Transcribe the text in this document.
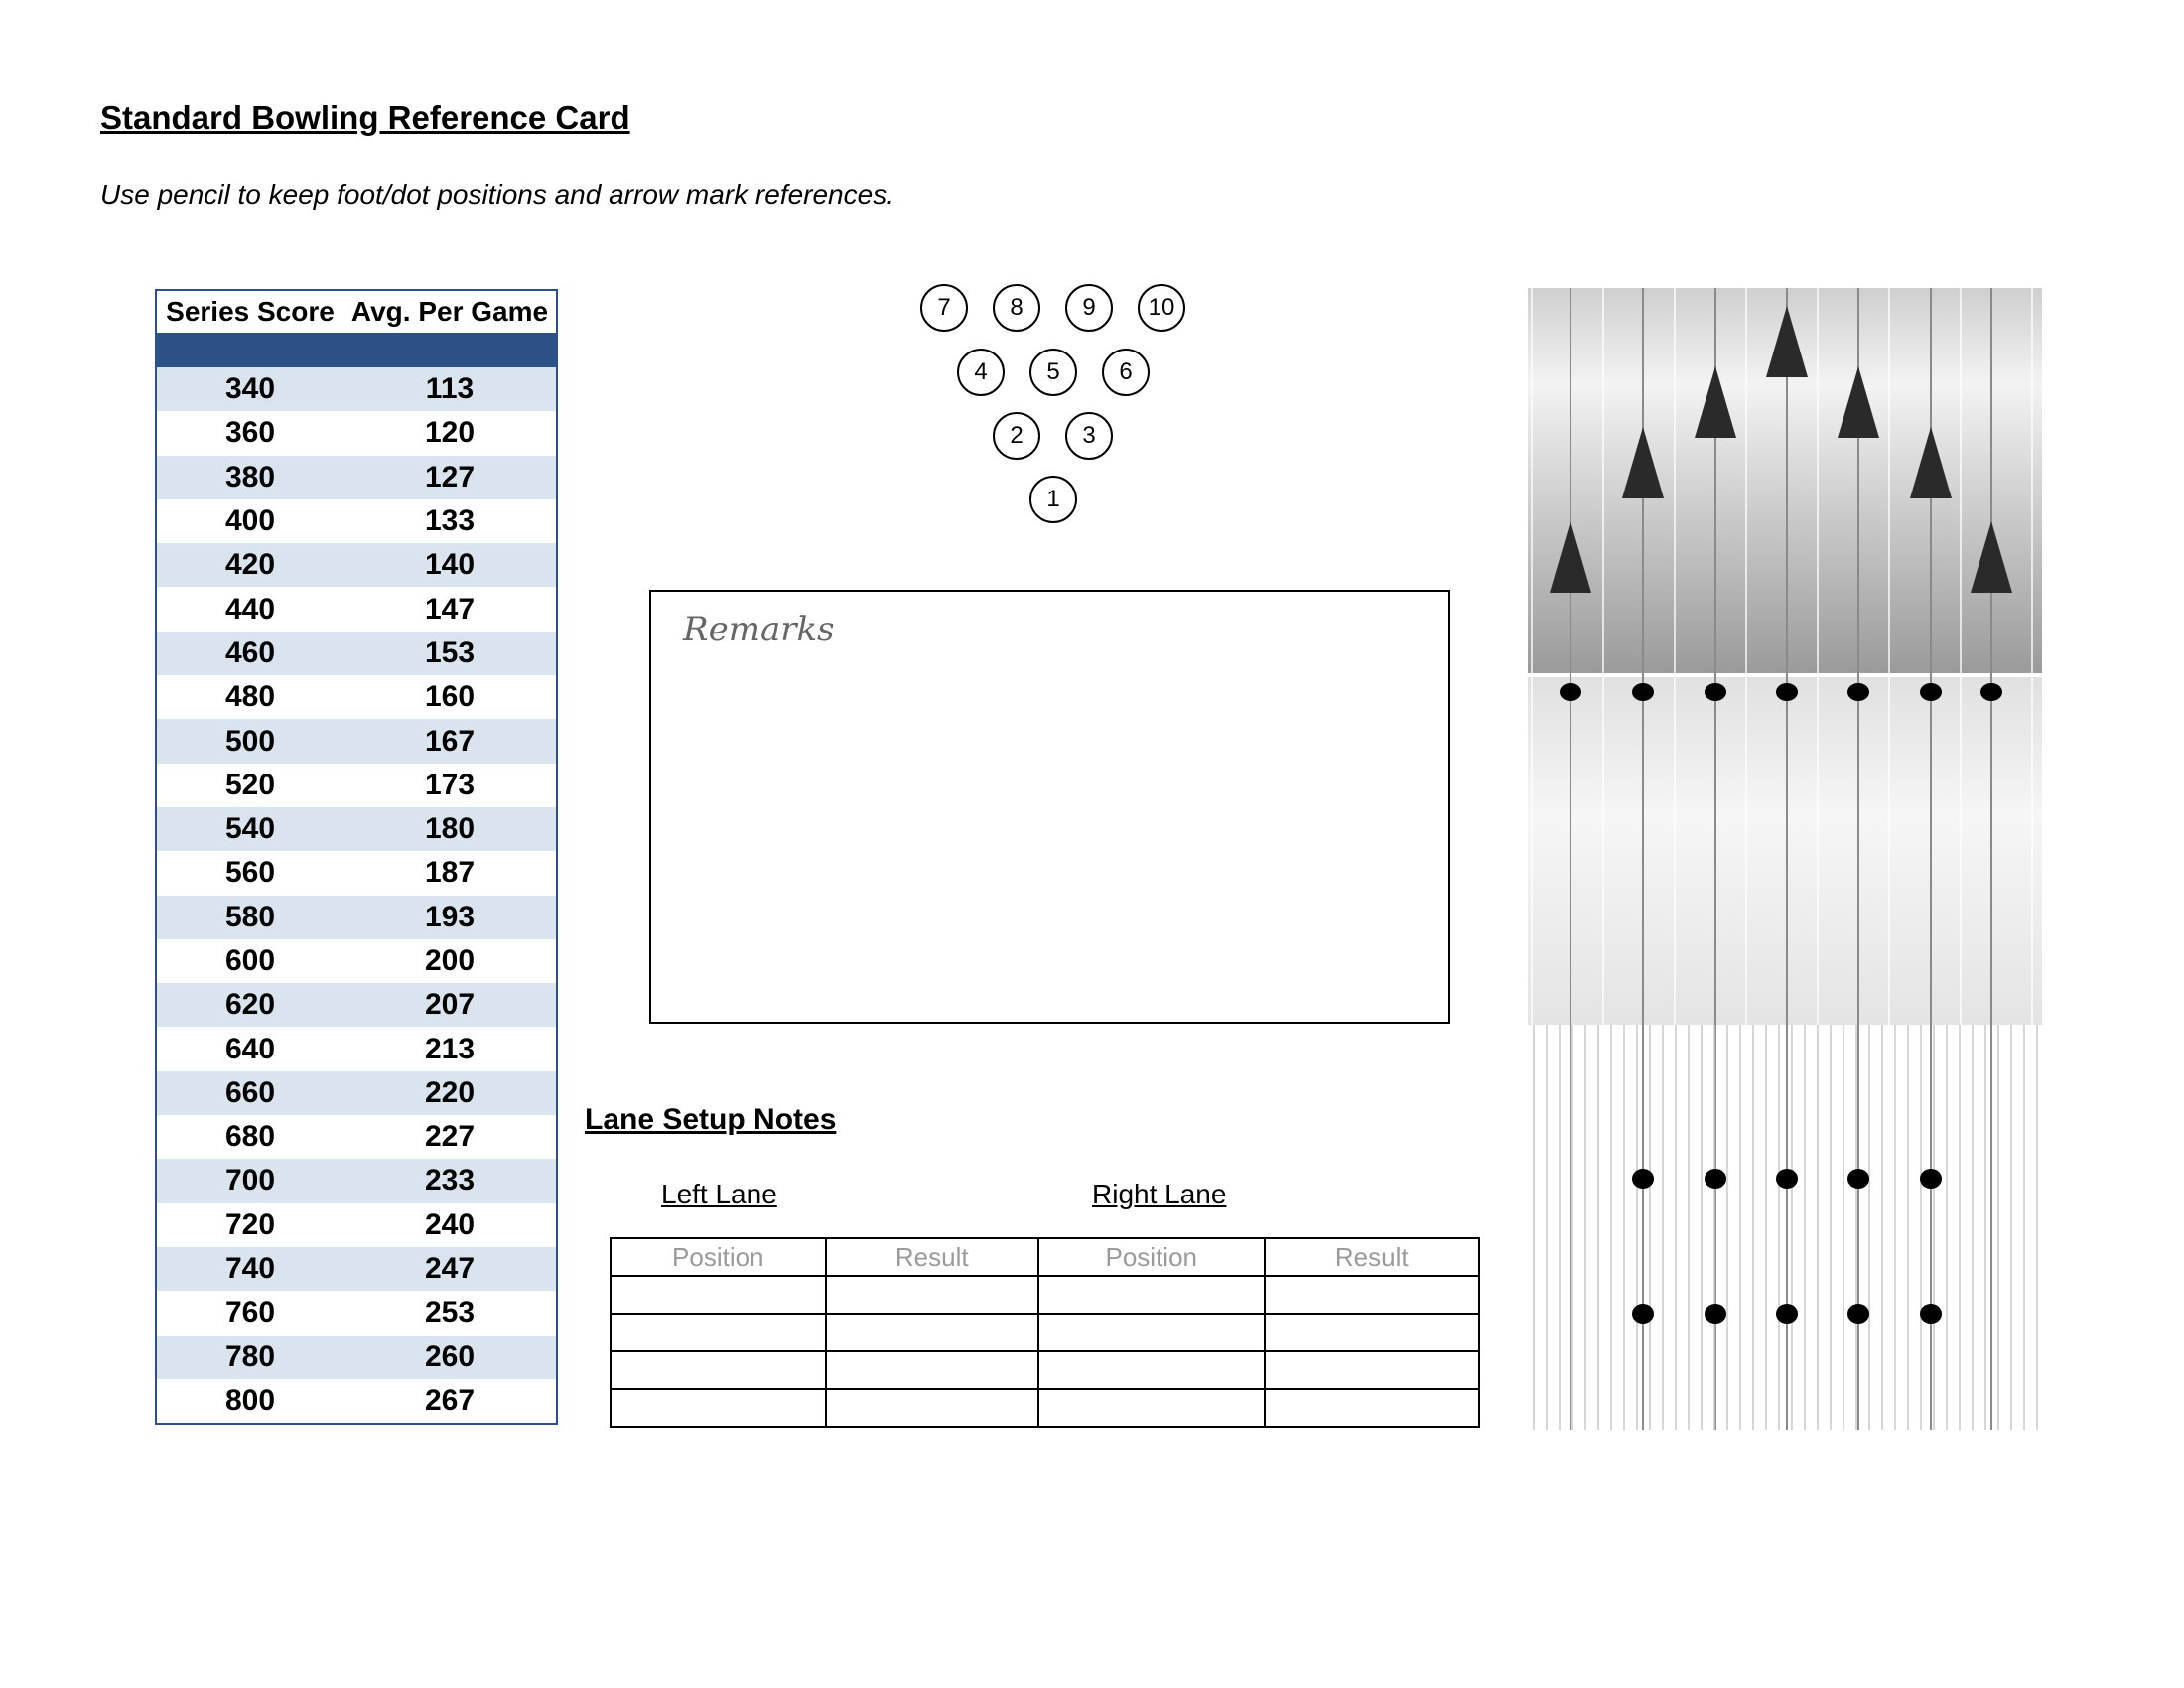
Standard Bowling Reference Card
Use pencil to keep foot/dot positions and arrow mark references.
Series Score Avg. Per Game
340	113
360	120
380	127
400	133
420	140
440	147
460	153
480	160
500	167
520	173
540	180
560	187
580	193
600	200
620	207
640	213
660	220
680	227
700	233
720	240
740	247
760	253
780	260
800	267
7	8	9	10
4	5	6
2	3
1
Remarks
Lane Setup Notes
Left Lane	Right Lane
Position	Result	Position	Result
